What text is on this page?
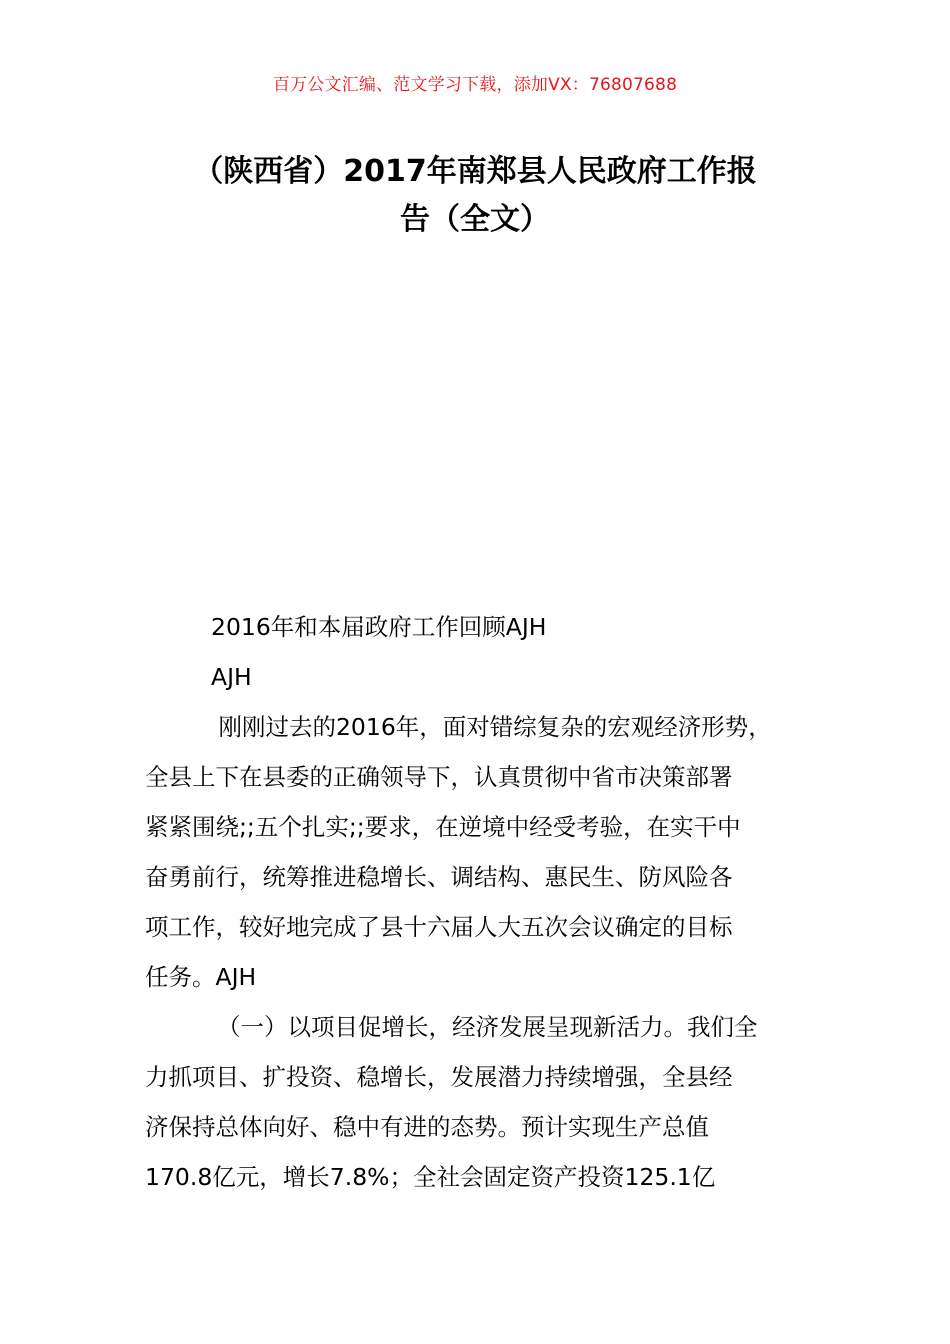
百万公文汇编、范文学习下载，添加VX：76807688
（陕西省）2017年南郑县人民政府工作报
告（全文）
2016年和本届政府工作回顾AJH
AJH
刚刚过去的2016年，面对错综复杂的宏观经济形势，
全县上下在县委的正确领导下，认真贯彻中省市决策部署
紧紧围绕;;五个扎实;;要求，在逆境中经受考验，在实干中
奋勇前行，统筹推进稳增长、调结构、惠民生、防风险各
项工作，较好地完成了县十六届人大五次会议确定的目标
任务。AJH
（一）以项目促增长，经济发展呈现新活力。我们全
力抓项目、扩投资、稳增长，发展潜力持续增强，全县经
济保持总体向好、稳中有进的态势。预计实现生产总值
170.8亿元，增长7.8%；全社会固定资产投资125.1亿
